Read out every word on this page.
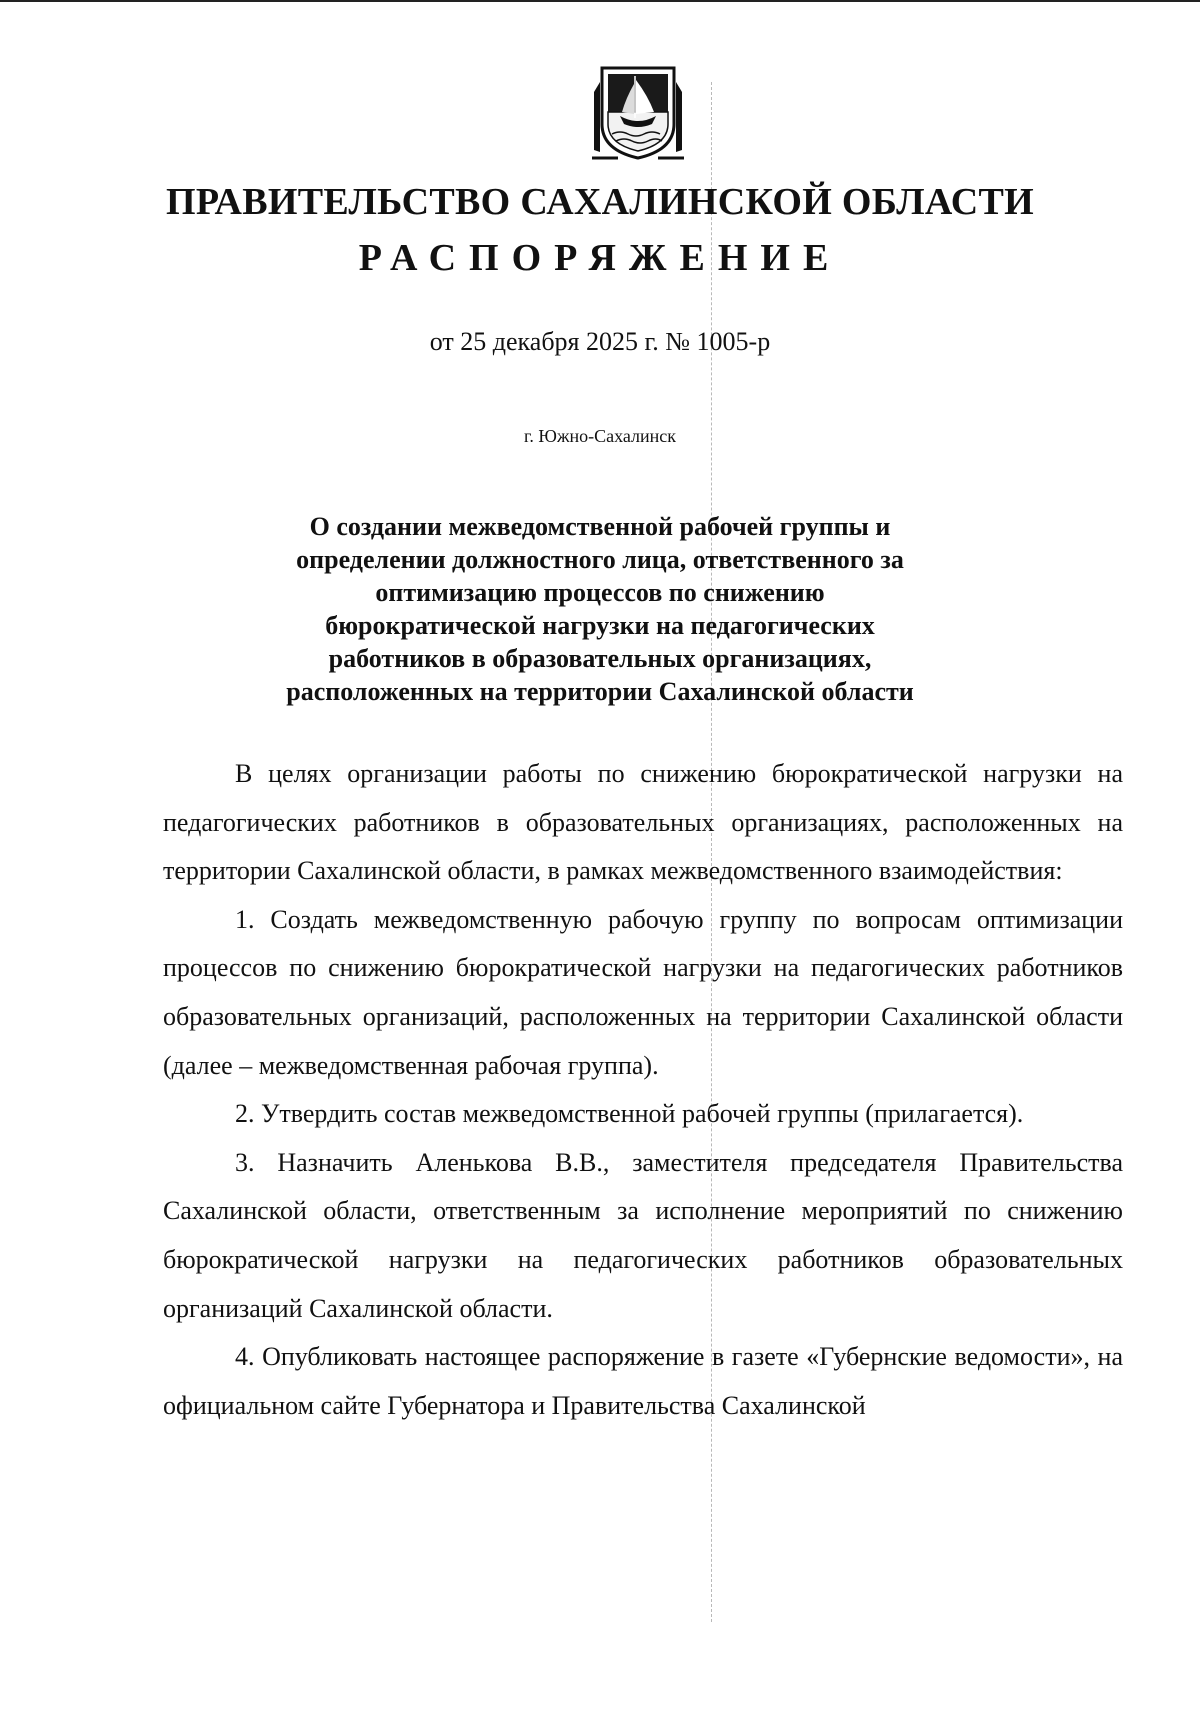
ПРАВИТЕЛЬСТВО САХАЛИНСКОЙ ОБЛАСТИ
РАСПОРЯЖЕНИЕ
от 25 декабря 2025 г. № 1005-р
г. Южно-Сахалинск
О создании межведомственной рабочей группы и
определении должностного лица, ответственного за
оптимизацию процессов по снижению
бюрократической нагрузки на педагогических
работников в образовательных организациях,
расположенных на территории Сахалинской области

В целях организации работы по снижению бюрократической нагрузки на педагогических работников в образовательных организациях, расположенных на территории Сахалинской области, в рамках межведомственного взаимодействия:

1. Создать межведомственную рабочую группу по вопросам оптимизации процессов по снижению бюрократической нагрузки на педагогических работников образовательных организаций, расположенных на территории Сахалинской области (далее – межведомственная рабочая группа).

2. Утвердить состав межведомственной рабочей группы (прилагается).

3. Назначить Аленькова В.В., заместителя председателя Правительства Сахалинской области, ответственным за исполнение мероприятий по снижению бюрократической нагрузки на педагогических работников образовательных организаций Сахалинской области.

4. Опубликовать настоящее распоряжение в газете «Губернские ведомости», на официальном сайте Губернатора и Правительства Сахалинской
